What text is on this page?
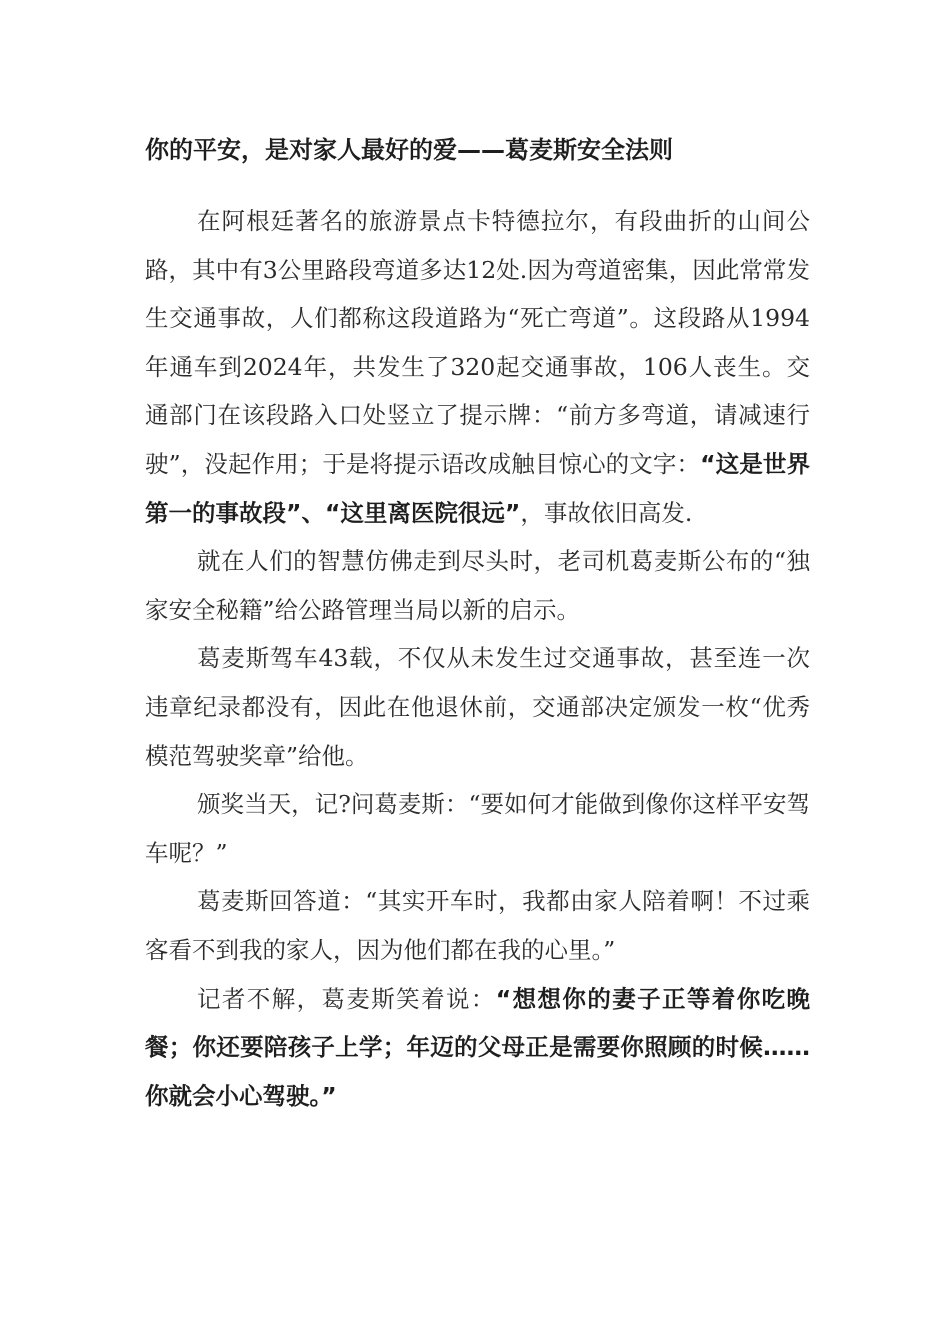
你的平安，是对家人最好的爱——葛麦斯安全法则

在阿根廷著名的旅游景点卡特德拉尔，有段曲折的山间公路，其中有3公里路段弯道多达12处.因为弯道密集，因此常常发生交通事故，人们都称这段道路为“死亡弯道”。这段路从1994年通车到2024年，共发生了320起交通事故，106人丧生。交通部门在该段路入口处竖立了提示牌：“前方多弯道，请减速行驶”，没起作用；于是将提示语改成触目惊心的文字：“这是世界第一的事故段”、“这里离医院很远”，事故依旧高发.

就在人们的智慧仿佛走到尽头时，老司机葛麦斯公布的“独家安全秘籍”给公路管理当局以新的启示。

葛麦斯驾车43载，不仅从未发生过交通事故，甚至连一次违章纪录都没有，因此在他退休前，交通部决定颁发一枚“优秀模范驾驶奖章”给他。

颁奖当天，记?问葛麦斯：“要如何才能做到像你这样平安驾车呢？”

葛麦斯回答道：“其实开车时，我都由家人陪着啊！不过乘客看不到我的家人，因为他们都在我的心里。”

记者不解，葛麦斯笑着说：“想想你的妻子正等着你吃晚餐；你还要陪孩子上学；年迈的父母正是需要你照顾的时候……你就会小心驾驶。”
